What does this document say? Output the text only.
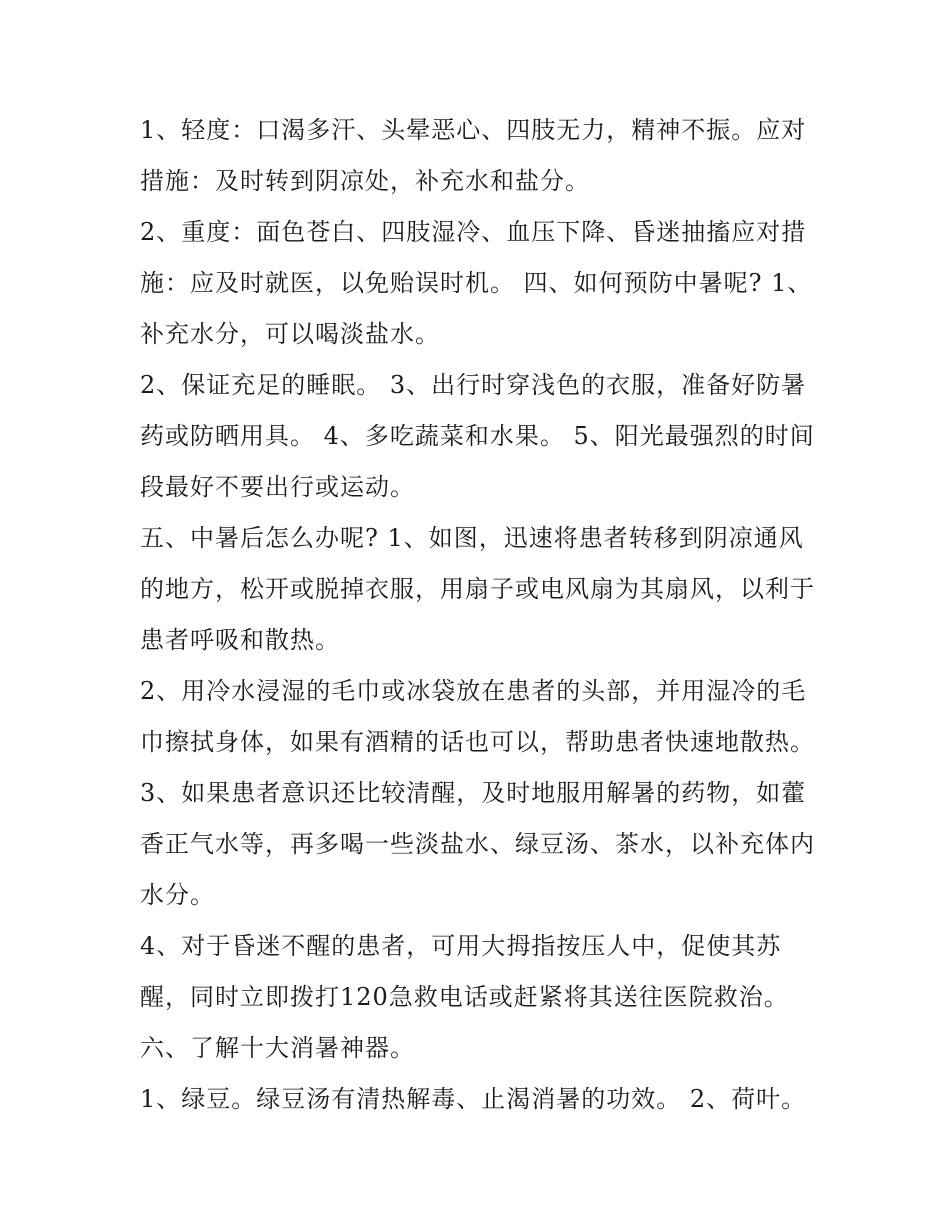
1、轻度：口渴多汗、头晕恶心、四肢无力，精神不振。应对
措施：及时转到阴凉处，补充水和盐分。
2、重度：面色苍白、四肢湿冷、血压下降、昏迷抽搐应对措
施：应及时就医，以免贻误时机。 四、如何预防中暑呢? 1、
补充水分，可以喝淡盐水。
2、保证充足的睡眠。 3、出行时穿浅色的衣服，准备好防暑
药或防晒用具。 4、多吃蔬菜和水果。 5、阳光最强烈的时间
段最好不要出行或运动。
五、中暑后怎么办呢? 1、如图，迅速将患者转移到阴凉通风
的地方，松开或脱掉衣服，用扇子或电风扇为其扇风，以利于
患者呼吸和散热。
2、用冷水浸湿的毛巾或冰袋放在患者的头部，并用湿冷的毛
巾擦拭身体，如果有酒精的话也可以，帮助患者快速地散热。
3、如果患者意识还比较清醒，及时地服用解暑的药物，如藿
香正气水等，再多喝一些淡盐水、绿豆汤、茶水，以补充体内
水分。
4、对于昏迷不醒的患者，可用大拇指按压人中，促使其苏
醒，同时立即拨打120急救电话或赶紧将其送往医院救治。
六、了解十大消暑神器。
1、绿豆。绿豆汤有清热解毒、止渴消暑的功效。 2、荷叶。
